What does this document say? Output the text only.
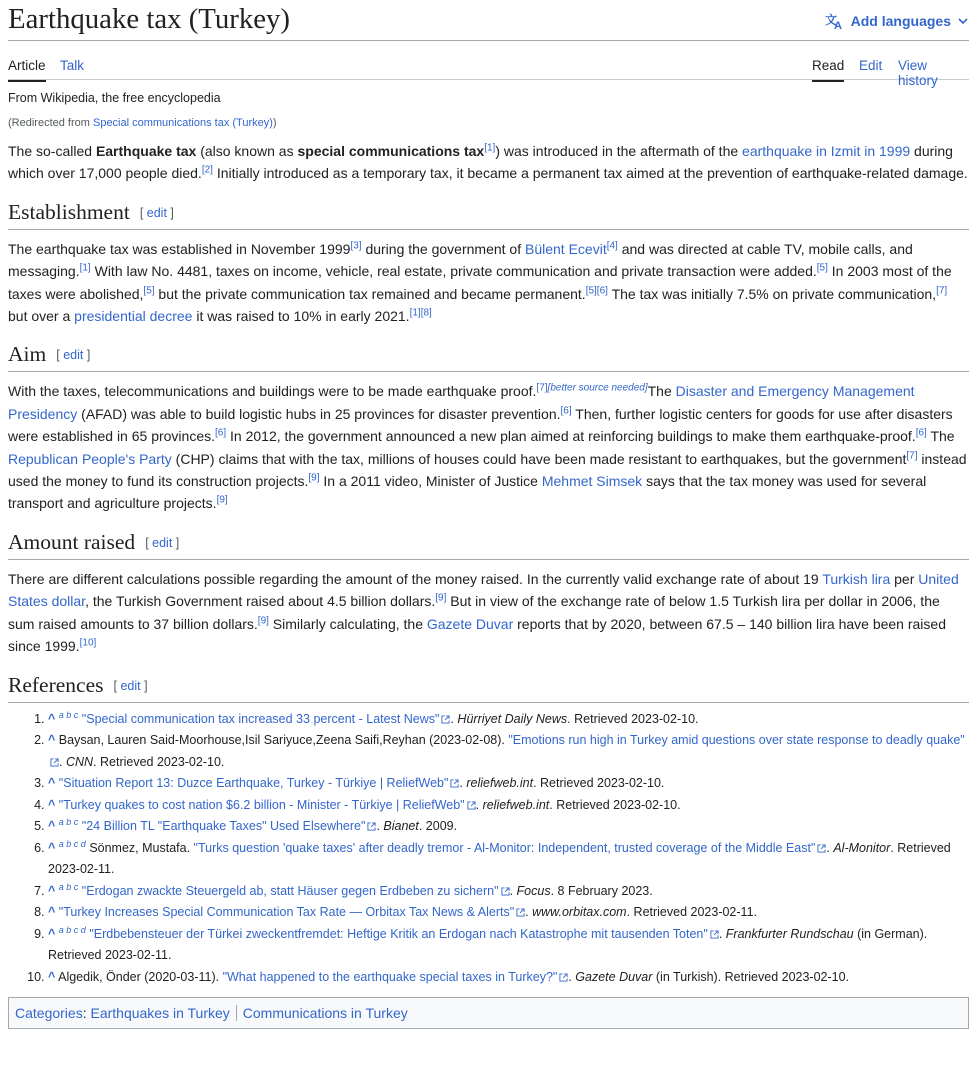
Earthquake tax (Turkey)	文
A Add languages
Article Talk	Read Edit View history
From Wikipedia, the free encyclopedia
(Redirected from Special communications tax (Turkey))

The so-called Earthquake tax (also known as special communications tax[1]) was introduced in the aftermath of the earthquake in Izmit in 1999 during which over 17,000 people died.[2] Initially introduced as a temporary tax, it became a permanent tax aimed at the prevention of earthquake-related damage.

Establishment [ edit ]

The earthquake tax was established in November 1999[3] during the government of Bülent Ecevit[4] and was directed at cable TV, mobile calls, and messaging.[1] With law No. 4481, taxes on income, vehicle, real estate, private communication and private transaction were added.[5] In 2003 most of the taxes were abolished,[5] but the private communication tax remained and became permanent.[5][6] The tax was initially 7.5% on private communication,[7] but over a presidential decree it was raised to 10% in early 2021.[1][8]

Aim [ edit ]

With the taxes, telecommunications and buildings were to be made earthquake proof.[7][better source needed]The Disaster and Emergency Management Presidency (AFAD) was able to build logistic hubs in 25 provinces for disaster prevention.[6] Then, further logistic centers for goods for use after disasters were established in 65 provinces.[6] In 2012, the government announced a new plan aimed at reinforcing buildings to make them earthquake-proof.[6] The Republican People's Party (CHP) claims that with the tax, millions of houses could have been made resistant to earthquakes, but the government[7] instead used the money to fund its construction projects.[9] In a 2011 video, Minister of Justice Mehmet Simsek says that the tax money was used for several transport and agriculture projects.[9]

Amount raised [ edit ]

There are different calculations possible regarding the amount of the money raised. In the currently valid exchange rate of about 19 Turkish lira per United States dollar, the Turkish Government raised about 4.5 billion dollars.[9] But in view of the exchange rate of below 1.5 Turkish lira per dollar in 2006, the sum raised amounts to 37 billion dollars.[9] Similarly calculating, the Gazete Duvar reports that by 2020, between 67.5 – 140 billion lira have been raised since 1999.[10]

References [ edit ]
1. ^ $^{a b c}$ "Special communication tax increased 33 percent - Latest News" . Hürriyet Daily News. Retrieved 2023-02-10.
2. ^ Baysan, Lauren Said-Moorhouse,Isil Sariyuce,Zeena Saifi,Reyhan (2023-02-08). "Emotions run high in Turkey amid questions over state response to deadly quake". CNN. Retrieved 2023-02-10.
3. ^ "Situation Report 13: Duzce Earthquake, Turkey - Türkiye | ReliefWeb" . reliefweb.int. Retrieved 2023-02-10.
4. ^ "Turkey quakes to cost nation $6.2 billion - Minister - Türkiye | ReliefWeb" . reliefweb.int. Retrieved 2023-02-10.
5. ^ $^{a b c}$ "24 Billion TL "Earthquake Taxes" Used Elsewhere" . Bianet. 2009.
6. ^ $^{a b c d}$ Sönmez, Mustafa. "Turks question 'quake taxes' after deadly tremor - Al-Monitor: Independent, trusted coverage of the Middle East" . Al-Monitor. Retrieved 2023-02-11.
7. ^ $^{a b c}$ "Erdogan zwackte Steuergeld ab, statt Häuser gegen Erdbeben zu sichern" . Focus. 8 February 2023.
8. ^ "Turkey Increases Special Communication Tax Rate — Orbitax Tax News & Alerts" . www.orbitax.com. Retrieved 2023-02-11.
9. ^ $^{a b c d}$ "Erdbebensteuer der Türkei zweckentfremdet: Heftige Kritik an Erdogan nach Katastrophe mit tausenden Toten" . Frankfurter Rundschau (in German). Retrieved 2023-02-11.
10. ^ Algedik, Önder (2020-03-11). "What happened to the earthquake special taxes in Turkey?" . Gazete Duvar (in Turkish). Retrieved 2023-02-10.
Categories: Earthquakes in Turkey Communications in Turkey
